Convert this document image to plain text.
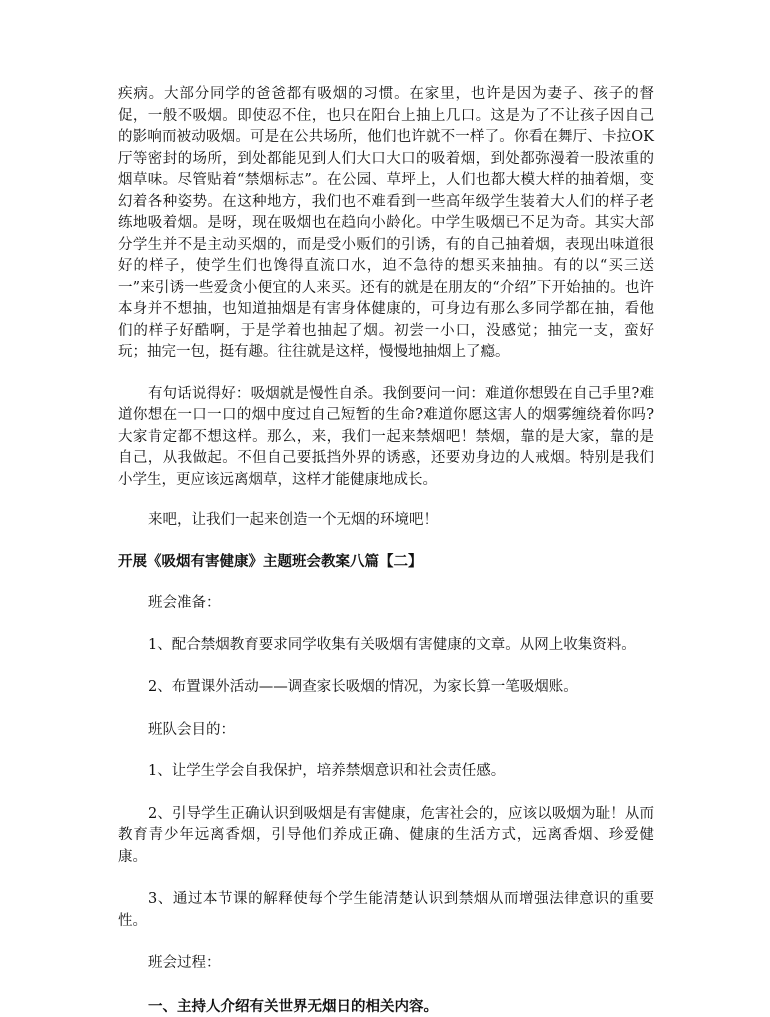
疾病。大部分同学的爸爸都有吸烟的习惯。在家里，也许是因为妻子、孩子的督促，一般不吸烟。即使忍不住，也只在阳台上抽上几口。这是为了不让孩子因自己的影响而被动吸烟。可是在公共场所，他们也许就不一样了。你看在舞厅、卡拉OK厅等密封的场所，到处都能见到人们大口大口的吸着烟，到处都弥漫着一股浓重的烟草味。尽管贴着“禁烟标志”。在公园、草坪上，人们也都大模大样的抽着烟，变幻着各种姿势。在这种地方，我们也不难看到一些高年级学生装着大人们的样子老练地吸着烟。是呀，现在吸烟也在趋向小龄化。中学生吸烟已不足为奇。其实大部分学生并不是主动买烟的，而是受小贩们的引诱，有的自己抽着烟，表现出味道很好的样子，使学生们也馋得直流口水，迫不急待的想买来抽抽。有的以“买三送一”来引诱一些爱贪小便宜的人来买。还有的就是在朋友的“介绍”下开始抽的。也许本身并不想抽，也知道抽烟是有害身体健康的，可身边有那么多同学都在抽，看他们的样子好酷啊，于是学着也抽起了烟。初尝一小口，没感觉；抽完一支，蛮好玩；抽完一包，挺有趣。往往就是这样，慢慢地抽烟上了瘾。

有句话说得好：吸烟就是慢性自杀。我倒要问一问：难道你想毁在自己手里?难道你想在一口一口的烟中度过自己短暂的生命?难道你愿这害人的烟雾缠绕着你吗?大家肯定都不想这样。那么，来，我们一起来禁烟吧！禁烟，靠的是大家，靠的是自己，从我做起。不但自己要抵挡外界的诱惑，还要劝身边的人戒烟。特别是我们小学生，更应该远离烟草，这样才能健康地成长。

来吧，让我们一起来创造一个无烟的环境吧！

开展《吸烟有害健康》主题班会教案八篇【二】

班会准备：

1、配合禁烟教育要求同学收集有关吸烟有害健康的文章。从网上收集资料。

2、布置课外活动——调查家长吸烟的情况，为家长算一笔吸烟账。

班队会目的：

1、让学生学会自我保护，培养禁烟意识和社会责任感。

2、引导学生正确认识到吸烟是有害健康，危害社会的，应该以吸烟为耻！从而教育青少年远离香烟，引导他们养成正确、健康的生活方式，远离香烟、珍爱健康。

3、通过本节课的解释使每个学生能清楚认识到禁烟从而增强法律意识的重要性。

班会过程：

一、主持人介绍有关世界无烟日的相关内容。
